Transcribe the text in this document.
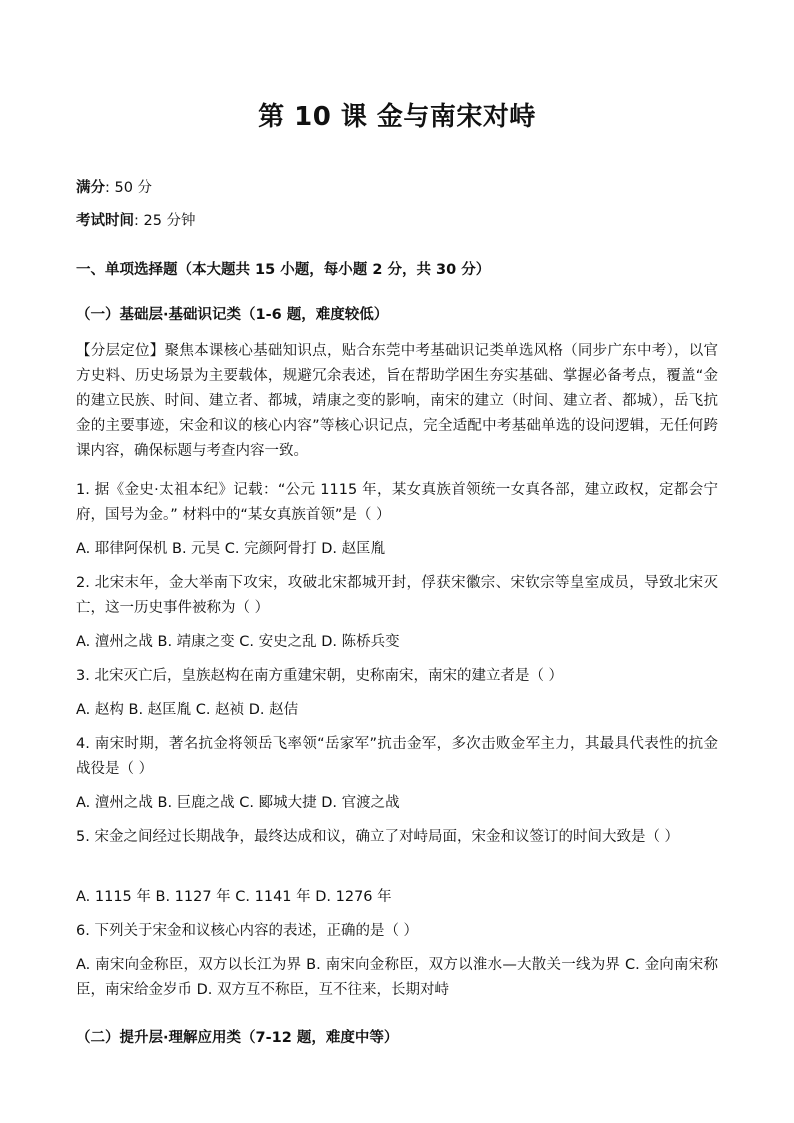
第 10 课 金与南宋对峙
满分: 50 分
考试时间: 25 分钟
一、单项选择题（本大题共 15 小题，每小题 2 分，共 30 分）
（一）基础层·基础识记类（1-6 题，难度较低）
【分层定位】聚焦本课核心基础知识点，贴合东莞中考基础识记类单选风格（同步广东中考），以官方史料、历史场景为主要载体，规避冗余表述，旨在帮助学困生夯实基础、掌握必备考点，覆盖“金的建立民族、时间、建立者、都城，靖康之变的影响，南宋的建立（时间、建立者、都城），岳飞抗金的主要事迹，宋金和议的核心内容”等核心识记点，完全适配中考基础单选的设问逻辑，无任何跨课内容，确保标题与考查内容一致。
1. 据《金史·太祖本纪》记载：“公元 1115 年，某女真族首领统一女真各部，建立政权，定都会宁府，国号为金。” 材料中的“某女真族首领”是（ ）
A. 耶律阿保机 B. 元昊 C. 完颜阿骨打 D. 赵匡胤
2. 北宋末年，金大举南下攻宋，攻破北宋都城开封，俘获宋徽宗、宋钦宗等皇室成员，导致北宋灭亡，这一历史事件被称为（ ）
A. 澶州之战 B. 靖康之变 C. 安史之乱 D. 陈桥兵变
3. 北宋灭亡后，皇族赵构在南方重建宋朝，史称南宋，南宋的建立者是（ ）
A. 赵构 B. 赵匡胤 C. 赵祯 D. 赵佶
4. 南宋时期，著名抗金将领岳飞率领“岳家军”抗击金军，多次击败金军主力，其最具代表性的抗金战役是（ ）
A. 澶州之战 B. 巨鹿之战 C. 郾城大捷 D. 官渡之战
5. 宋金之间经过长期战争，最终达成和议，确立了对峙局面，宋金和议签订的时间大致是（ ）
A. 1115 年 B. 1127 年 C. 1141 年 D. 1276 年
6. 下列关于宋金和议核心内容的表述，正确的是（ ）
A. 南宋向金称臣，双方以长江为界 B. 南宋向金称臣，双方以淮水—大散关一线为界 C. 金向南宋称臣，南宋给金岁币 D. 双方互不称臣，互不往来，长期对峙
（二）提升层·理解应用类（7-12 题，难度中等）
